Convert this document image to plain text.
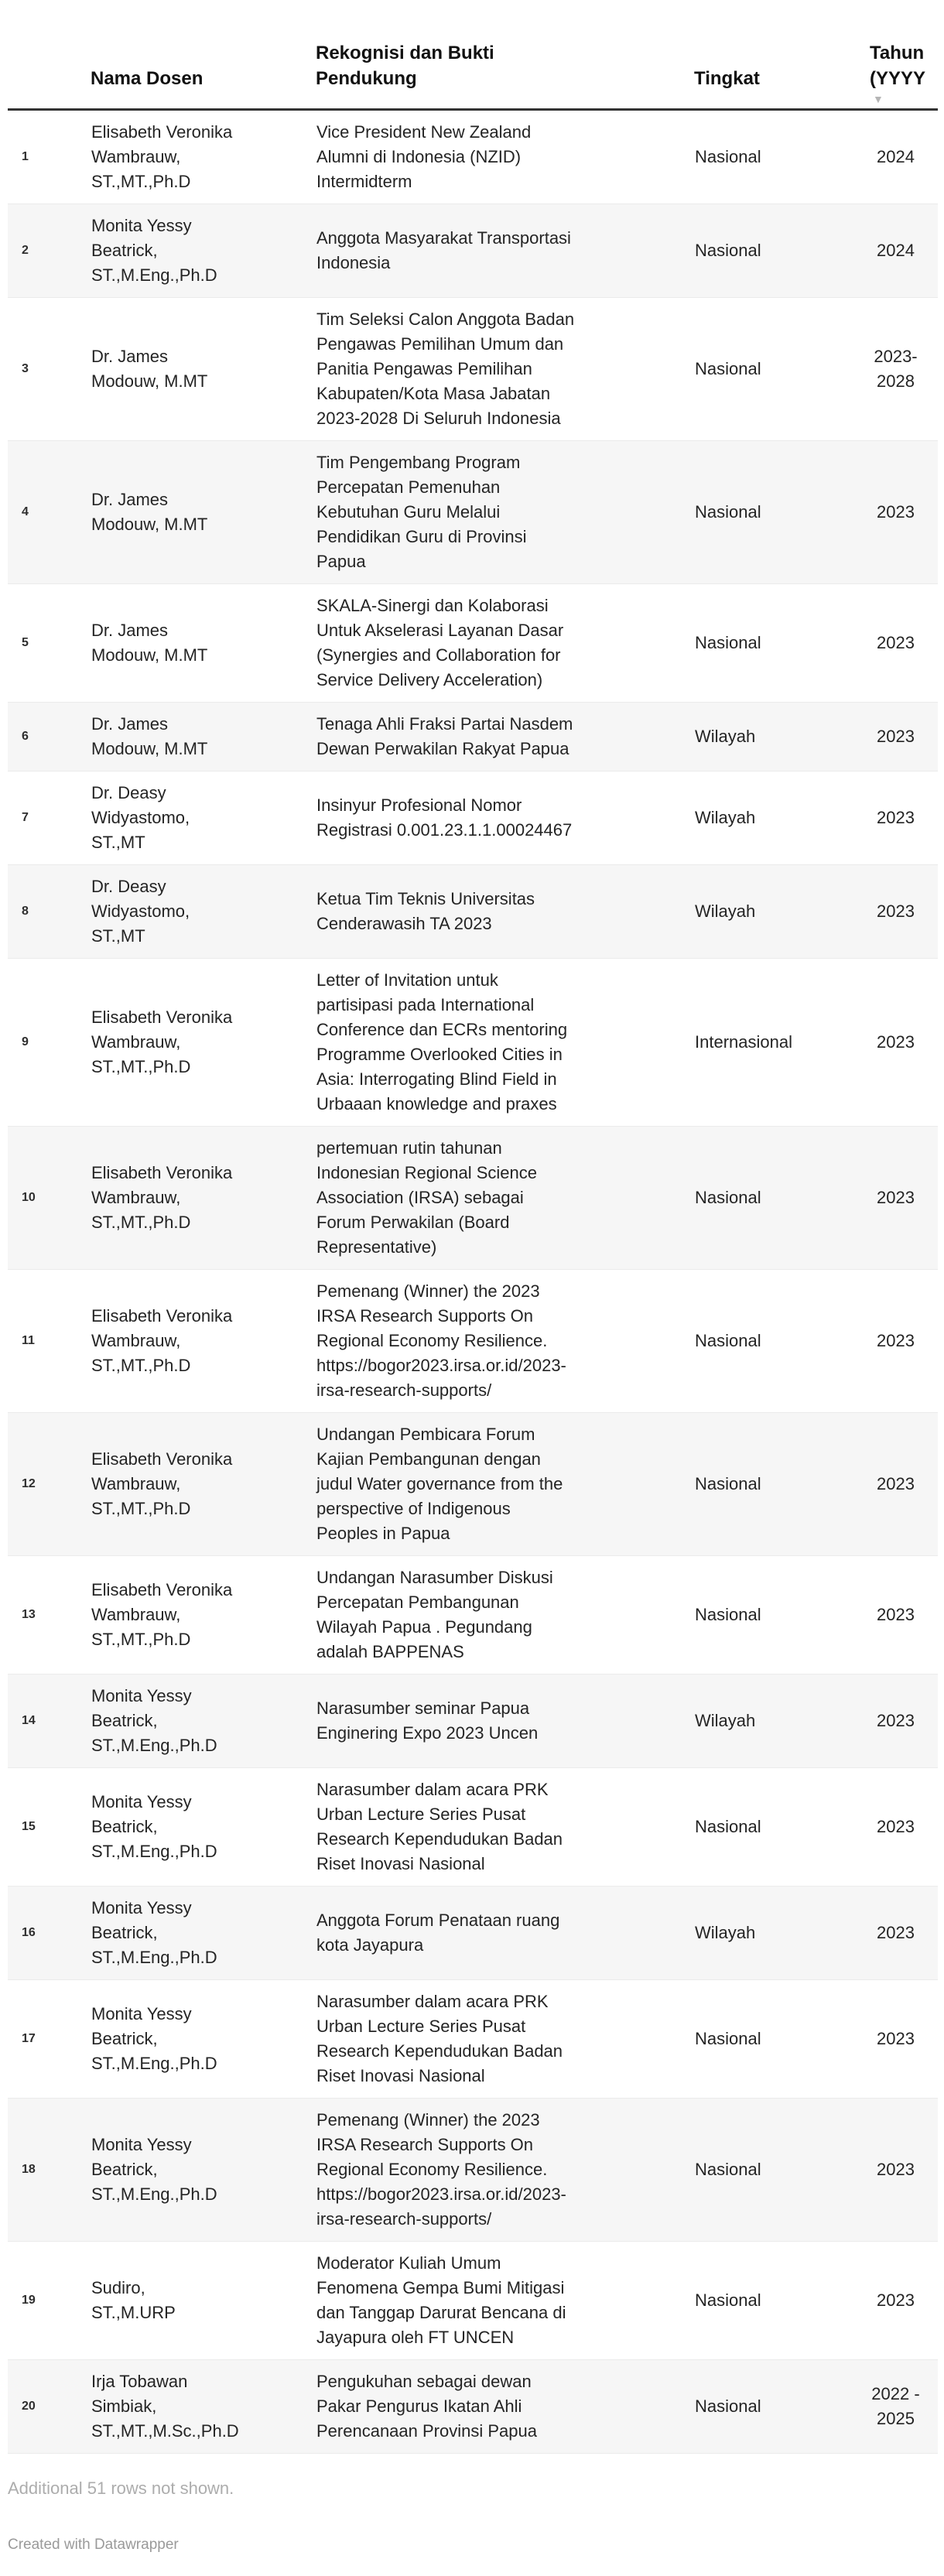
	Nama Dosen	Rekognisi dan Bukti Pendukung	Tingkat	Tahun (YYYY
▼

1	Elisabeth Veronika Wambrauw, ST.,MT.,Ph.D	Vice President New Zealand Alumni di Indonesia (NZID) Intermidterm	Nasional	2024
2	Monita Yessy Beatrick, ST.,M.Eng.,Ph.D	Anggota Masyarakat Transportasi Indonesia	Nasional	2024
3	Dr. James Modouw, M.MT	Tim Seleksi Calon Anggota Badan Pengawas Pemilihan Umum dan Panitia Pengawas Pemilihan Kabupaten/Kota Masa Jabatan 2023-2028 Di Seluruh Indonesia	Nasional	2023-2028
4	Dr. James Modouw, M.MT	Tim Pengembang Program Percepatan Pemenuhan Kebutuhan Guru Melalui Pendidikan Guru di Provinsi Papua	Nasional	2023
5	Dr. James Modouw, M.MT	SKALA-Sinergi dan Kolaborasi Untuk Akselerasi Layanan Dasar (Synergies and Collaboration for Service Delivery Acceleration)	Nasional	2023
6	Dr. James Modouw, M.MT	Tenaga Ahli Fraksi Partai Nasdem Dewan Perwakilan Rakyat Papua	Wilayah	2023
7	Dr. Deasy Widyastomo, ST.,MT	Insinyur Profesional Nomor Registrasi 0.001.23.1.1.00024467	Wilayah	2023
8	Dr. Deasy Widyastomo, ST.,MT	Ketua Tim Teknis Universitas Cenderawasih TA 2023	Wilayah	2023
9	Elisabeth Veronika Wambrauw, ST.,MT.,Ph.D	Letter of Invitation untuk partisipasi pada International Conference dan ECRs mentoring Programme Overlooked Cities in Asia: Interrogating Blind Field in Urbaaan knowledge and praxes	Internasional	2023
10	Elisabeth Veronika Wambrauw, ST.,MT.,Ph.D	pertemuan rutin tahunan Indonesian Regional Science Association (IRSA) sebagai Forum Perwakilan (Board Representative)	Nasional	2023
11	Elisabeth Veronika Wambrauw, ST.,MT.,Ph.D	Pemenang (Winner) the 2023 IRSA Research Supports On Regional Economy Resilience. https://bogor2023.irsa.or.id/2023-irsa-research-supports/	Nasional	2023
12	Elisabeth Veronika Wambrauw, ST.,MT.,Ph.D	Undangan Pembicara Forum Kajian Pembangunan dengan judul Water governance from the perspective of Indigenous Peoples in Papua	Nasional	2023
13	Elisabeth Veronika Wambrauw, ST.,MT.,Ph.D	Undangan Narasumber Diskusi Percepatan Pembangunan Wilayah Papua . Pegundang adalah BAPPENAS	Nasional	2023
14	Monita Yessy Beatrick, ST.,M.Eng.,Ph.D	Narasumber seminar Papua Enginering Expo 2023 Uncen	Wilayah	2023
15	Monita Yessy Beatrick, ST.,M.Eng.,Ph.D	Narasumber dalam acara PRK Urban Lecture Series Pusat Research Kependudukan Badan Riset Inovasi Nasional	Nasional	2023
16	Monita Yessy Beatrick, ST.,M.Eng.,Ph.D	Anggota Forum Penataan ruang kota Jayapura	Wilayah	2023
17	Monita Yessy Beatrick, ST.,M.Eng.,Ph.D	Narasumber dalam acara PRK Urban Lecture Series Pusat Research Kependudukan Badan Riset Inovasi Nasional	Nasional	2023
18	Monita Yessy Beatrick, ST.,M.Eng.,Ph.D	Pemenang (Winner) the 2023 IRSA Research Supports On Regional Economy Resilience. https://bogor2023.irsa.or.id/2023-irsa-research-supports/	Nasional	2023
19	Sudiro, ST.,M.URP	Moderator Kuliah Umum Fenomena Gempa Bumi Mitigasi dan Tanggap Darurat Bencana di Jayapura oleh FT UNCEN	Nasional	2023
20	Irja Tobawan Simbiak, ST.,MT.,M.Sc.,Ph.D	Pengukuhan sebagai dewan Pakar Pengurus Ikatan Ahli Perencanaan Provinsi Papua	Nasional	2022 - 2025

Additional 51 rows not shown.

Created with Datawrapper
